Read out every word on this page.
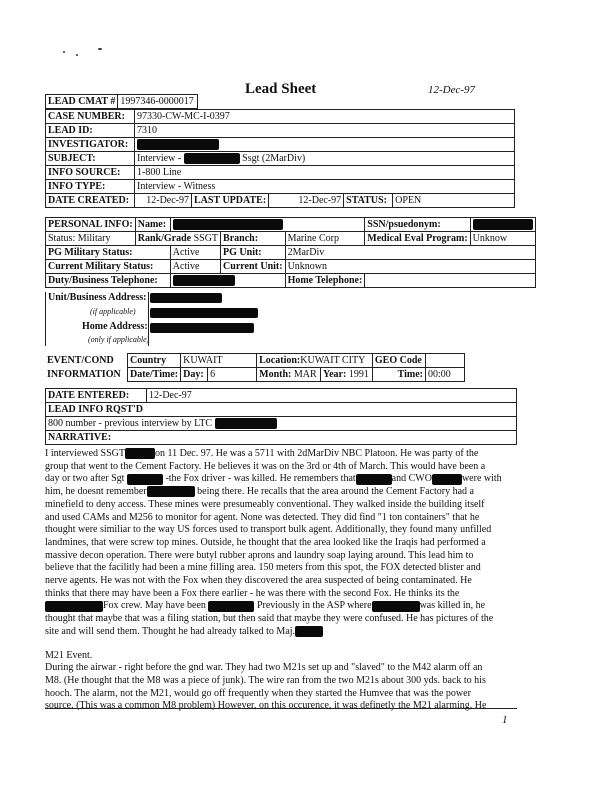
Lead Sheet	12-Dec-97
LEAD CMAT #	1997346-0000017
CASE NUMBER:	97330-CW-MC-I-0397				
LEAD ID:	7310				
INVESTIGATOR:					
SUBJECT:	Interview - Ssgt (2MarDiv)				
INFO SOURCE:	1-800 Line				
INFO TYPE:	Interview - Witness				
DATE CREATED:	12-Dec-97	LAST UPDATE:	12-Dec-97	STATUS:	OPEN
PERSONAL INFO:	Name:				SSN/psuedonym:	
Status: Military	Rank/Grade SSGT		Branch:	Marine Corp	Medical Eval Program:	Unknow
PG Military Status:		Active	PG Unit:	2MarDiv		
Current Military Status:		Active	Current Unit:	Unknown		
Duty/Business Telephone:				Home Telephone:		
Unit/Business Address:
(if applicable)
Home Address:
(only if applicable)
EVENT/COND	Country	KUWAIT		Location:KUWAIT CITY		GEO Code	
INFORMATION	Date/Time:	Day:	6	Month: MAR	Year: 1991	Time:	00:00
DATE ENTERED:	12-Dec-97
LEAD INFO RQST'D
800 number - previous interview by LTC
NARRATIVE:

I interviewed SSGT	on 11 Dec. 97. He was a 5711 with 2dMarDiv NBC Platoon. He was party of the

group that went to the Cement Factory. He believes it was on the 3rd or 4th of March. This would have been a

day or two after Sgt	-the Fox driver - was killed. He remembers that	and CWO	were with

him, he doesnt remember	being there. He recalls that the area around the Cement Factory had a

minefield to deny access. These mines were presumeably conventional. They walked inside the building itself

and used CAMs and M256 to monitor for agent. None was detected. They did find "1 ton containers" that he

thought were similiar to the way US forces used to transport bulk agent. Additionally, they found many unfilled

landmines, that were screw top mines. Outside, he thought that the area looked like the Iraqis had performed a

massive decon operation. There were butyl rubber aprons and laundry soap laying around. This lead him to

believe that the facilitly had been a mine filling area. 150 meters from this spot, the FOX detected blister and

nerve agents. He was not with the Fox when they discovered the area suspected of being contaminated. He

thinks that there may have been a Fox there earlier - he was there with the second Fox. He thinks its the

Fox crew. May have been	Previously in the ASP where	was killed in, he

thought that maybe that was a filing station, but then said that maybe they were confused. He has pictures of the

site and will send them. Thought he had already talked to Maj.

M21 Event.

During the airwar - right before the gnd war. They had two M21s set up and "slaved" to the M42 alarm off an

M8. (He thought that the M8 was a piece of junk). The wire ran from the two M21s about 300 yds. back to his

hooch. The alarm, not the M21, would go off frequently when they started the Humvee that was the power

source. (This was a common M8 problem) However, on this occurence, it was definetly the M21 alarming. He

1
